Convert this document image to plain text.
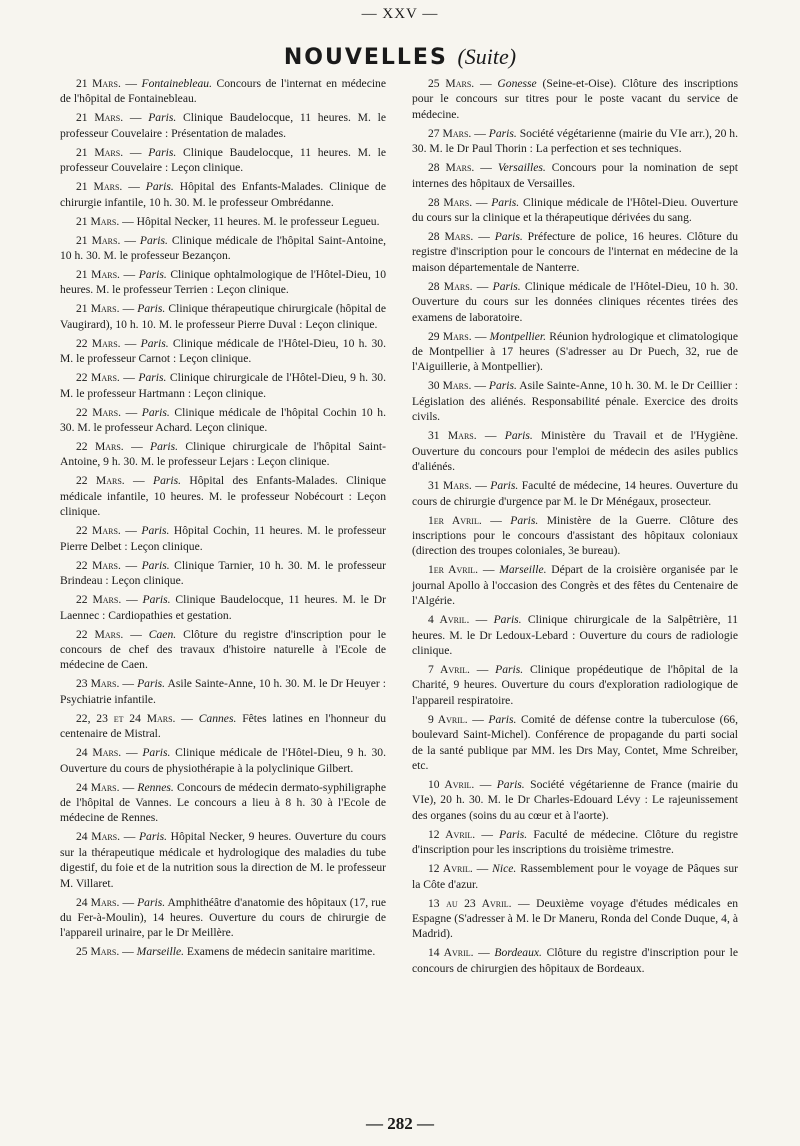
— XXV —
NOUVELLES (Suite)

21 Mars. — Fontainebleau. Concours de l'internat en médecine de l'hôpital de Fontainebleau.

21 Mars. — Paris. Clinique Baudelocque, 11 heures. M. le professeur Couvelaire : Présentation de malades.

21 Mars. — Paris. Clinique Baudelocque, 11 heures. M. le professeur Couvelaire : Leçon clinique.

21 Mars. — Paris. Hôpital des Enfants-Malades. Clinique de chirurgie infantile, 10 h. 30. M. le professeur Ombrédanne.

21 Mars. — Hôpital Necker, 11 heures. M. le professeur Legueu.

21 Mars. — Paris. Clinique médicale de l'hôpital Saint-Antoine, 10 h. 30. M. le professeur Bezançon.

21 Mars. — Paris. Clinique ophtalmologique de l'Hôtel-Dieu, 10 heures. M. le professeur Terrien : Leçon clinique.

21 Mars. — Paris. Clinique thérapeutique chirurgicale (hôpital de Vaugirard), 10 h. 10. M. le professeur Pierre Duval : Leçon clinique.

22 Mars. — Paris. Clinique médicale de l'Hôtel-Dieu, 10 h. 30. M. le professeur Carnot : Leçon clinique.

22 Mars. — Paris. Clinique chirurgicale de l'Hôtel-Dieu, 9 h. 30. M. le professeur Hartmann : Leçon clinique.

22 Mars. — Paris. Clinique médicale de l'hôpital Cochin 10 h. 30. M. le professeur Achard. Leçon clinique.

22 Mars. — Paris. Clinique chirurgicale de l'hôpital Saint-Antoine, 9 h. 30. M. le professeur Lejars : Leçon clinique.

22 Mars. — Paris. Hôpital des Enfants-Malades. Clinique médicale infantile, 10 heures. M. le professeur Nobécourt : Leçon clinique.

22 Mars. — Paris. Hôpital Cochin, 11 heures. M. le professeur Pierre Delbet : Leçon clinique.

22 Mars. — Paris. Clinique Tarnier, 10 h. 30. M. le professeur Brindeau : Leçon clinique.

22 Mars. — Paris. Clinique Baudelocque, 11 heures. M. le Dr Laennec : Cardiopathies et gestation.

22 Mars. — Caen. Clôture du registre d'inscription pour le concours de chef des travaux d'histoire naturelle à l'Ecole de médecine de Caen.

23 Mars. — Paris. Asile Sainte-Anne, 10 h. 30. M. le Dr Heuyer : Psychiatrie infantile.

22, 23 et 24 Mars. — Cannes. Fêtes latines en l'honneur du centenaire de Mistral.

24 Mars. — Paris. Clinique médicale de l'Hôtel-Dieu, 9 h. 30. Ouverture du cours de physiothérapie à la polyclinique Gilbert.

24 Mars. — Rennes. Concours de médecin dermato-syphiligraphe de l'hôpital de Vannes. Le concours a lieu à 8 h. 30 à l'Ecole de médecine de Rennes.

24 Mars. — Paris. Hôpital Necker, 9 heures. Ouverture du cours sur la thérapeutique médicale et hydrologique des maladies du tube digestif, du foie et de la nutrition sous la direction de M. le professeur M. Villaret.

24 Mars. — Paris. Amphithéâtre d'anatomie des hôpitaux (17, rue du Fer-à-Moulin), 14 heures. Ouverture du cours de chirurgie de l'appareil urinaire, par le Dr Meillère.

25 Mars. — Marseille. Examens de médecin sanitaire maritime.

25 Mars. — Gonesse (Seine-et-Oise). Clôture des inscriptions pour le concours sur titres pour le poste vacant du service de médecine.

27 Mars. — Paris. Société végétarienne (mairie du VIe arr.), 20 h. 30. M. le Dr Paul Thorin : La perfection et ses techniques.

28 Mars. — Versailles. Concours pour la nomination de sept internes des hôpitaux de Versailles.

28 Mars. — Paris. Clinique médicale de l'Hôtel-Dieu. Ouverture du cours sur la clinique et la thérapeutique dérivées du sang.

28 Mars. — Paris. Préfecture de police, 16 heures. Clôture du registre d'inscription pour le concours de l'internat en médecine de la maison départementale de Nanterre.

28 Mars. — Paris. Clinique médicale de l'Hôtel-Dieu, 10 h. 30. Ouverture du cours sur les données cliniques récentes tirées des examens de laboratoire.

29 Mars. — Montpellier. Réunion hydrologique et climatologique de Montpellier à 17 heures (S'adresser au Dr Puech, 32, rue de l'Aiguillerie, à Montpellier).

30 Mars. — Paris. Asile Sainte-Anne, 10 h. 30. M. le Dr Ceillier : Législation des aliénés. Responsabilité pénale. Exercice des droits civils.

31 Mars. — Paris. Ministère du Travail et de l'Hygiène. Ouverture du concours pour l'emploi de médecin des asiles publics d'aliénés.

31 Mars. — Paris. Faculté de médecine, 14 heures. Ouverture du cours de chirurgie d'urgence par M. le Dr Ménégaux, prosecteur.

1er Avril. — Paris. Ministère de la Guerre. Clôture des inscriptions pour le concours d'assistant des hôpitaux coloniaux (direction des troupes coloniales, 3e bureau).

1er Avril. — Marseille. Départ de la croisière organisée par le journal Apollo à l'occasion des Congrès et des fêtes du Centenaire de l'Algérie.

4 Avril. — Paris. Clinique chirurgicale de la Salpêtrière, 11 heures. M. le Dr Ledoux-Lebard : Ouverture du cours de radiologie clinique.

7 Avril. — Paris. Clinique propédeutique de l'hôpital de la Charité, 9 heures. Ouverture du cours d'exploration radiologique de l'appareil respiratoire.

9 Avril. — Paris. Comité de défense contre la tuberculose (66, boulevard Saint-Michel). Conférence de propagande du parti social de la santé publique par MM. les Drs May, Contet, Mme Schreiber, etc.

10 Avril. — Paris. Société végétarienne de France (mairie du VIe), 20 h. 30. M. le Dr Charles-Edouard Lévy : Le rajeunissement des organes (soins du au cœur et à l'aorte).

12 Avril. — Paris. Faculté de médecine. Clôture du registre d'inscription pour les inscriptions du troisième trimestre.

12 Avril. — Nice. Rassemblement pour le voyage de Pâques sur la Côte d'azur.

13 au 23 Avril. — Deuxième voyage d'études médicales en Espagne (S'adresser à M. le Dr Maneru, Ronda del Conde Duque, 4, à Madrid).

14 Avril. — Bordeaux. Clôture du registre d'inscription pour le concours de chirurgien des hôpitaux de Bordeaux.

— 282 —
